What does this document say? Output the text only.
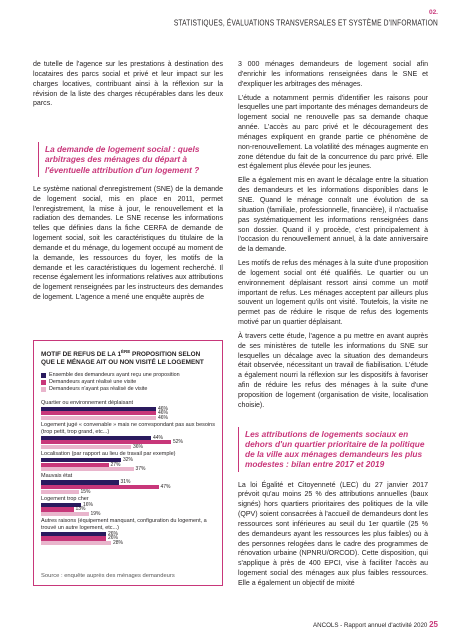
02.
STATISTIQUES, ÉVALUATIONS TRANSVERSALES ET SYSTÈME D'INFORMATION

de tutelle de l'agence sur les prestations à destination des locataires des parcs social et privé et leur impact sur les charges locatives, contribuant ainsi à la réflexion sur la révision de la liste des charges récupérables dans les deux parcs.

La demande de logement social : quels arbitrages des ménages du départ à l'éventuelle attribution d'un logement ?

Le système national d'enregistrement (SNE) de la demande de logement social, mis en place en 2011, permet l'enregistrement, la mise à jour, le renouvellement et la radiation des demandes. Le SNE recense les informations telles que définies dans la fiche CERFA de demande de logement social, soit les caractéristiques du titulaire de la demande et du ménage, du logement occupé au moment de la demande, les ressources du foyer, les motifs de la demande et les caractéristiques du logement recherché. Il recense également les informations relatives aux attributions de logement renseignées par les instructeurs des demandes de logement. L'agence a mené une enquête auprès de

MOTIF DE REFUS DE LA 1ÈRE PROPOSITION SELON QUE LE MÉNAGE AIT OU NON VISITÉ LE LOGEMENT
Ensemble des demandeurs ayant reçu une proposition
Demandeurs ayant réalisé une visite
Demandeurs n'ayant pas réalisé de visite
Quartier ou environnement déplaisant
46%
46%
46%
Logement jugé « convenable » mais ne correspondant pas aux besoins (trop petit, trop grand, etc...)
44%
52%
36%
Localisation (par rapport au lieu de travail par exemple)
32%
27%
37%
Mauvais état
31%
47%
15%
Logement trop cher
16%
13%
19%
Autres raisons (équipement manquant, configuration du logement, a trouvé un autre logement, etc...)
26%
26%
28%
Source : enquête auprès des ménages demandeurs

3 000 ménages demandeurs de logement social afin d'enrichir les informations renseignées dans le SNE et d'expliquer les arbitrages des ménages.

L'étude a notamment permis d'identifier les raisons pour lesquelles une part importante des ménages demandeurs de logement social ne renouvelle pas sa demande chaque année. L'accès au parc privé et le découragement des ménages expliquent en grande partie ce phénomène de non-renouvellement. La volatilité des ménages augmente en zone détendue du fait de la concurrence du parc privé. Elle est également plus élevée pour les jeunes.

Elle a également mis en avant le décalage entre la situation des demandeurs et les informations disponibles dans le SNE. Quand le ménage connaît une évolution de sa situation (familiale, professionnelle, financière), il n'actualise pas systématiquement les informations renseignées dans son dossier. Quand il y procède, c'est principalement à l'occasion du renouvellement annuel, à la date anniversaire de la demande.

Les motifs de refus des ménages à la suite d'une proposition de logement social ont été qualifiés. Le quartier ou un environnement déplaisant ressort ainsi comme un motif important de refus. Les ménages acceptent par ailleurs plus souvent un logement qu'ils ont visité. Toutefois, la visite ne permet pas de réduire le risque de refus des logements motivé par un quartier déplaisant.

À travers cette étude, l'agence a pu mettre en avant auprès de ses ministères de tutelle les informations du SNE sur lesquelles un décalage avec la situation des demandeurs était observée, nécessitant un travail de fiabilisation. L'étude a également nourri la réflexion sur les dispositifs à favoriser afin de réduire les refus des ménages à la suite d'une proposition de logement (organisation de visite, localisation choisie).

Les attributions de logements sociaux en dehors d'un quartier prioritaire de la politique de la ville aux ménages demandeurs les plus modestes : bilan entre 2017 et 2019

La loi Égalité et Citoyenneté (LEC) du 27 janvier 2017 prévoit qu'au moins 25 % des attributions annuelles (baux signés) hors quartiers prioritaires des politiques de la ville (QPV) soient consacrées à l'accueil de demandeurs dont les ressources sont inférieures au seuil du 1er quartile (25 % des demandeurs ayant les ressources les plus faibles) ou à des personnes relogées dans le cadre des programmes de rénovation urbaine (NPNRU/ORCOD). Cette disposition, qui s'applique à près de 400 EPCI, vise à faciliter l'accès au logement social des ménages aux plus faibles ressources. Elle a également un objectif de mixité

ANCOLS - Rapport annuel d'activité 2020 25
